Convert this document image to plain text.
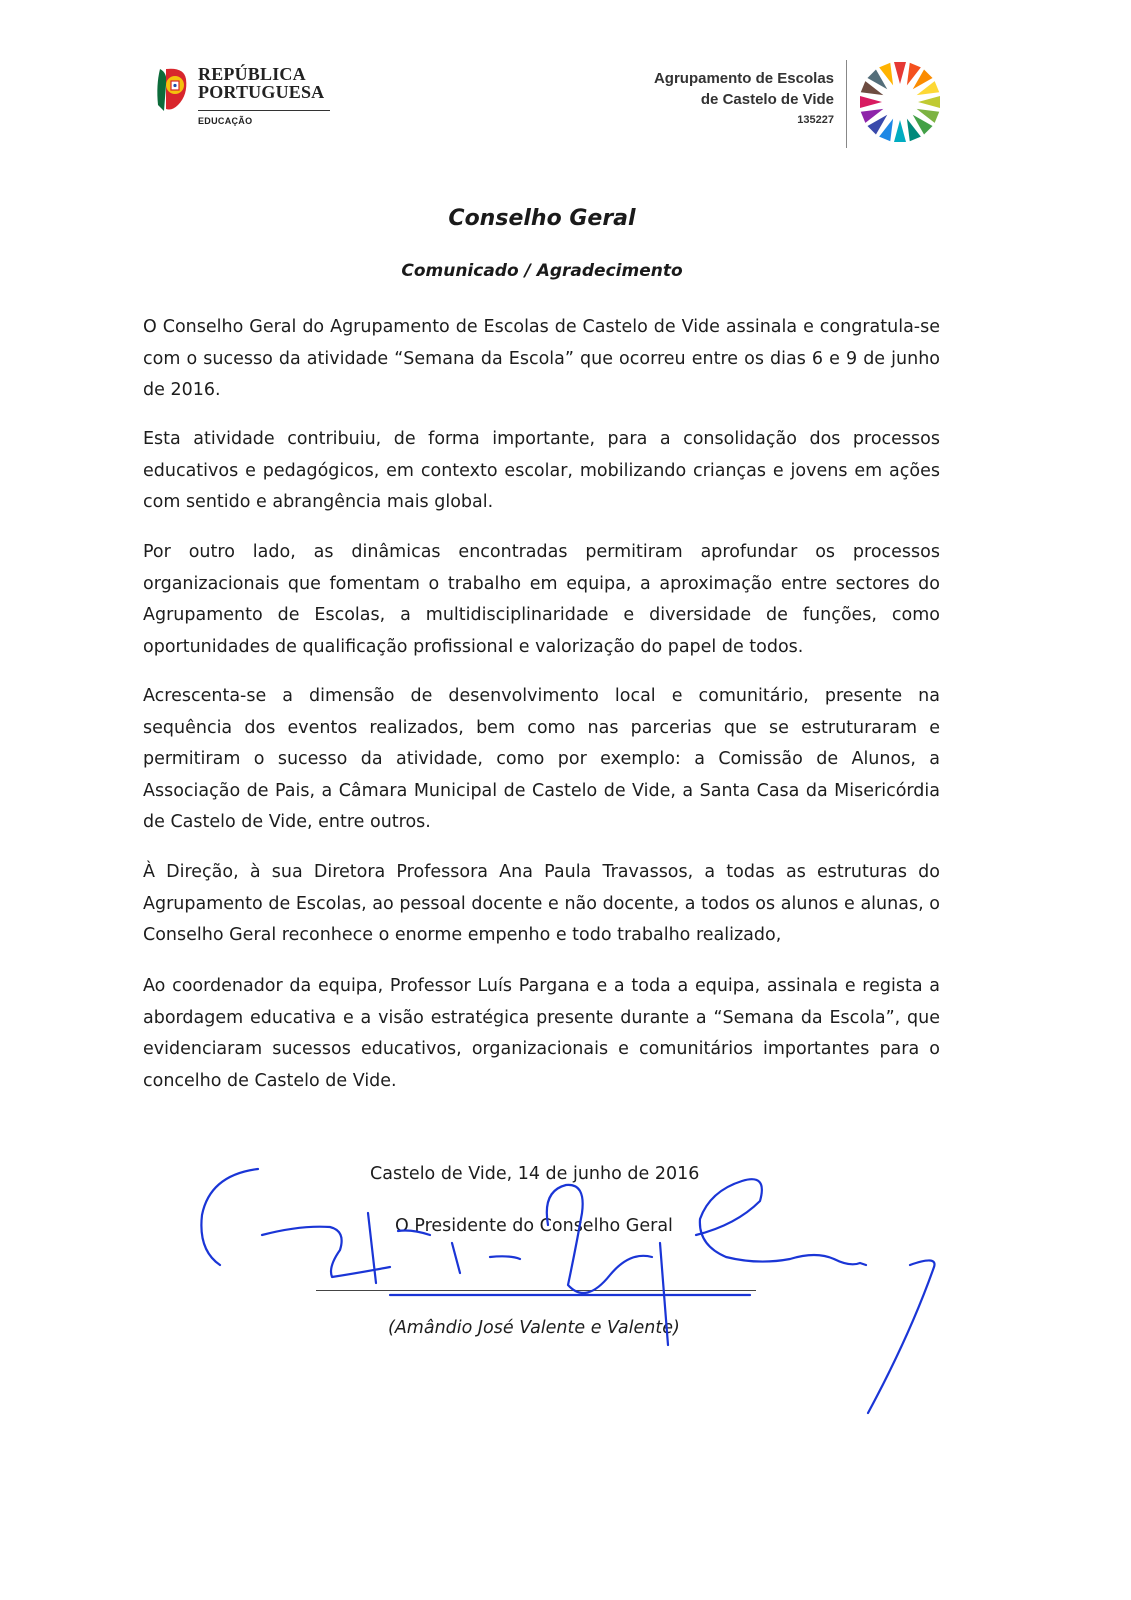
REPÚBLICA
PORTUGUESA
EDUCAÇÃO
Agrupamento de Escolas
de Castelo de Vide
135227
Conselho Geral
Comunicado / Agradecimento

O Conselho Geral do Agrupamento de Escolas de Castelo de Vide assinala e congratula-se com o sucesso da atividade “Semana da Escola” que ocorreu entre os dias 6 e 9 de junho de 2016.

Esta atividade contribuiu, de forma importante, para a consolidação dos processos educativos e pedagógicos, em contexto escolar, mobilizando crianças e jovens em ações com sentido e abrangência mais global.

Por outro lado, as dinâmicas encontradas permitiram aprofundar os processos organizacionais que fomentam o trabalho em equipa, a aproximação entre sectores do Agrupamento de Escolas, a multidisciplinaridade e diversidade de funções, como oportunidades de qualificação profissional e valorização do papel de todos.

Acrescenta-se a dimensão de desenvolvimento local e comunitário, presente na sequência dos eventos realizados, bem como nas parcerias que se estruturaram e permitiram o sucesso da atividade, como por exemplo: a Comissão de Alunos, a Associação de Pais, a Câmara Municipal de Castelo de Vide, a Santa Casa da Misericórdia de Castelo de Vide, entre outros.

À Direção, à sua Diretora Professora Ana Paula Travassos, a todas as estruturas do Agrupamento de Escolas, ao pessoal docente e não docente, a todos os alunos e alunas, o Conselho Geral reconhece o enorme empenho e todo trabalho realizado,

Ao coordenador da equipa, Professor Luís Pargana e a toda a equipa, assinala e regista a abordagem educativa e a visão estratégica presente durante a “Semana da Escola”, que evidenciaram sucessos educativos, organizacionais e comunitários importantes para o concelho de Castelo de Vide.

Castelo de Vide, 14 de junho de 2016
O Presidente do Conselho Geral
(Amândio José Valente e Valente)
